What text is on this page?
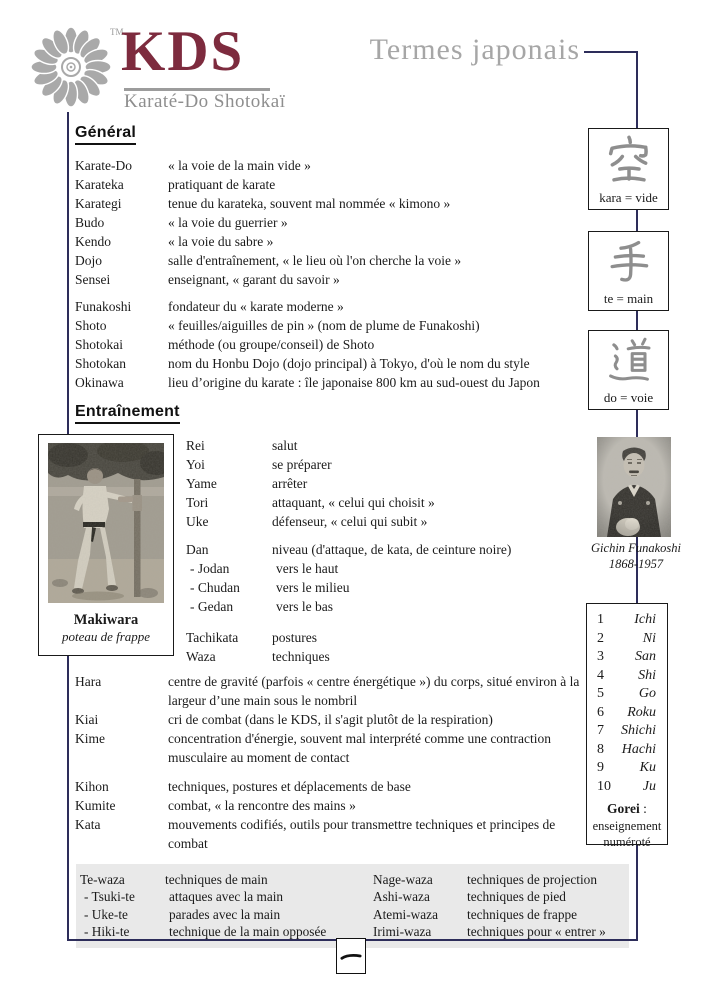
TM
KDS
Karaté-Do Shotokaï
Termes japonais
Général
Karate-Do	« la voie de la main vide »
Karateka	pratiquant de karate
Karategi	tenue du karateka, souvent mal nommée « kimono »
Budo	« la voie du guerrier »
Kendo	« la voie du sabre »
Dojo	salle d'entraînement, « le lieu où l'on cherche la voie »
Sensei	enseignant, « garant du savoir »
Funakoshi	fondateur du « karate moderne »
Shoto	« feuilles/aiguilles de pin » (nom de plume de Funakoshi)
Shotokai	méthode (ou groupe/conseil) de Shoto
Shotokan	nom du Honbu Dojo (dojo principal) à Tokyo, d'où le nom du style
Okinawa	lieu d’origine du karate : île japonaise 800 km au sud-ouest du Japon
Entraînement
Rei	salut
Yoi	se préparer
Yame	arrêter
Tori	attaquant, « celui qui choisit »
Uke	défenseur, « celui qui subit »
Dan	niveau (d'attaque, de kata, de ceinture noire)
- Jodan	vers le haut
- Chudan	vers le milieu
- Gedan	vers le bas
Tachikata	postures
Waza	techniques
Hara	centre de gravité (parfois « centre énergétique ») du corps, situé environ à la largeur d’une main sous le nombril
Kiai	cri de combat (dans le KDS, il s'agit plutôt de la respiration)
Kime	concentration d'énergie, souvent mal interprété comme une contraction musculaire au moment de contact
Kihon	techniques, postures et déplacements de base
Kumite	combat, « la rencontre des mains »
Kata	mouvements codifiés, outils pour transmettre techniques et principes de combat
Te-waza	techniques de main
- Tsuki-te	attaques avec la main
- Uke-te	parades avec la main
- Hiki-te	technique de la main opposée
Nage-waza	techniques de projection
Ashi-waza	techniques de pied
Atemi-waza	techniques de frappe
Irimi-waza	techniques pour « entrer »
kara = vide
te = main
do = voie
Gichin Funakoshi
1868-1957
1 Ichi
2	Ni
3 San
4 Shi
5 Go
6 Roku
7 Shichi
8 Hachi
9	Ku
10 Ju
Gorei :
enseignement
numéroté
Makiwara
poteau de frappe
